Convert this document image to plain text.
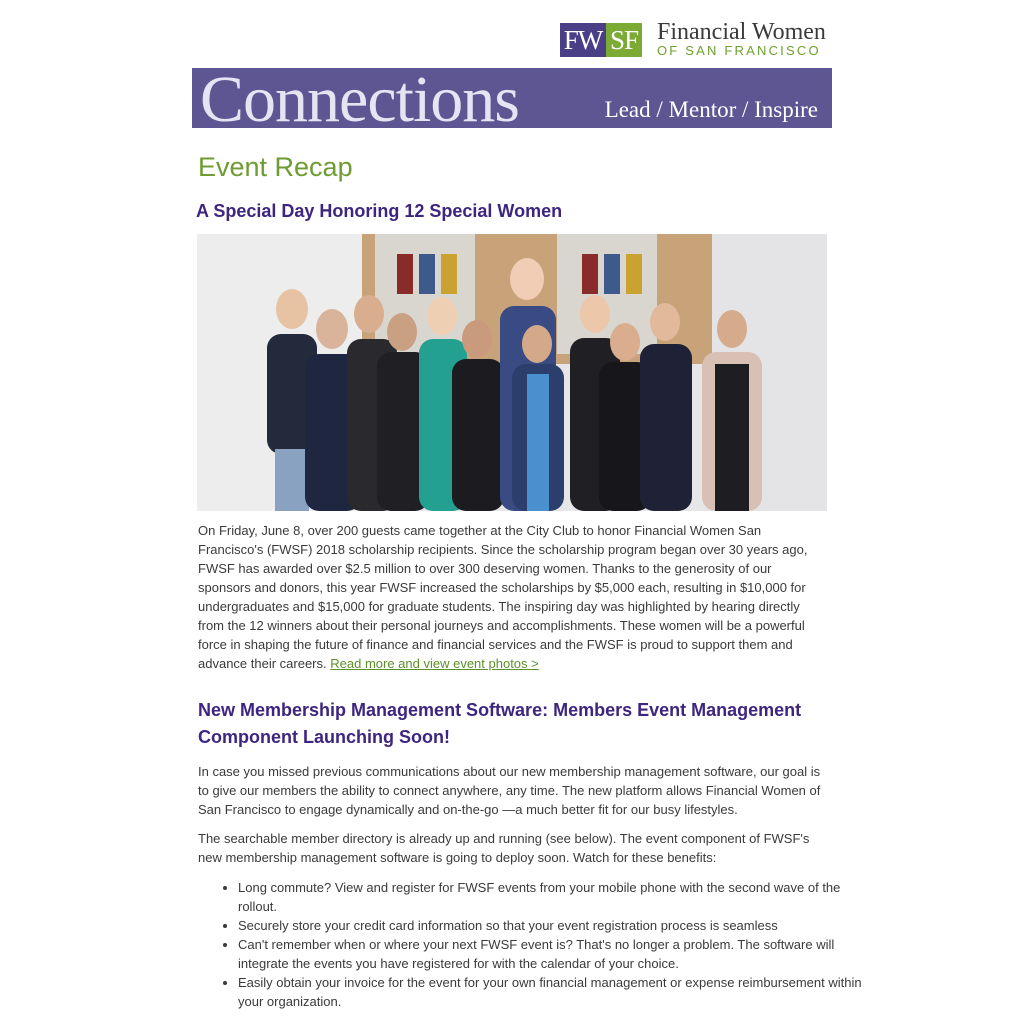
FW SF Financial Women
OF SAN FRANCISCO
Connections	Lead / Mentor / Inspire
Event Recap
A Special Day Honoring 12 Special Women
On Friday, June 8, over 200 guests came together at the City Club to honor Financial Women San Francisco's (FWSF) 2018 scholarship recipients. Since the scholarship program began over 30 years ago, FWSF has awarded over $2.5 million to over 300 deserving women. Thanks to the generosity of our sponsors and donors, this year FWSF increased the scholarships by $5,000 each, resulting in $10,000 for undergraduates and $15,000 for graduate students. The inspiring day was highlighted by hearing directly from the 12 winners about their personal journeys and accomplishments. These women will be a powerful force in shaping the future of finance and financial services and the FWSF is proud to support them and advance their careers. Read more and view event photos >
New Membership Management Software: Members Event Management Component Launching Soon!
In case you missed previous communications about our new membership management software, our goal is to give our members the ability to connect anywhere, any time. The new platform allows Financial Women of San Francisco to engage dynamically and on-the-go —a much better fit for our busy lifestyles.
The searchable member directory is already up and running (see below). The event component of FWSF's new membership management software is going to deploy soon. Watch for these benefits:
• Long commute? View and register for FWSF events from your mobile phone with the second wave of the rollout.
• Securely store your credit card information so that your event registration process is seamless
• Can't remember when or where your next FWSF event is? That's no longer a problem. The software will integrate the events you have registered for with the calendar of your choice.
• Easily obtain your invoice for the event for your own financial management or expense reimbursement within your organization.
